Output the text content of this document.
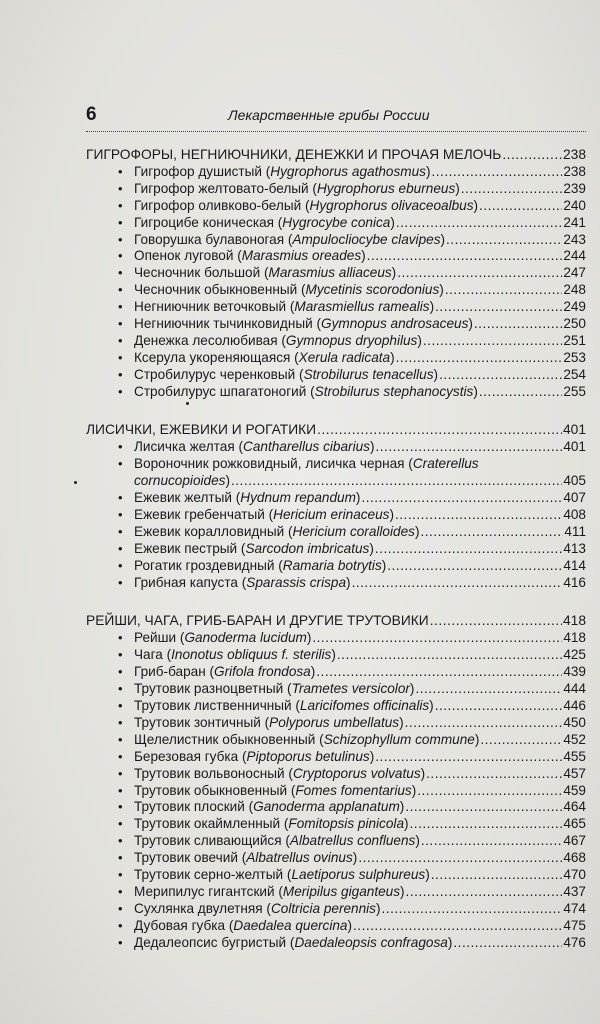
6	Лекарственные грибы России
ГИГРОФОРЫ, НЕГНИЮЧНИКИ, ДЕНЕЖКИ И ПРОЧАЯ МЕЛОЧЬ .....	238
• Гигрофор душистый (Hygrophorus agathosmus) .....	238
• Гигрофор желтовато-белый (Hygrophorus eburneus) .....	239
• Гигрофор оливково-белый (Hygrophorus olivaceoalbus) .....	240
• Гигроцибе коническая (Hygrocybe conica) .....	241
• Говорушка булавоногая (Ampulocliocybe clavipes) .....	243
• Опенок луговой (Marasmius oreades) .....	244
• Чесночник большой (Marasmius alliaceus) .....	247
• Чесночник обыкновенный (Mycetinis scorodonius) .....	248
• Негниючник веточковый (Marasmiellus ramealis) .....	249
• Негниючник тычинковидный (Gymnopus androsaceus) .....	250
• Денежка лесолюбивая (Gymnopus dryophilus) .....	251
• Ксерула укореняющаяся (Xerula radicata) .....	253
• Стробилурус черенковый (Strobilurus tenacellus) .....	254
• Стробилурус шпагатоногий (Strobilurus stephanocystis) .....	255
ЛИСИЧКИ, ЕЖЕВИКИ И РОГАТИКИ .....	401
• Лисичка желтая (Cantharellus cibarius) .....	401
• Вороночник рожковидный, лисичка черная (Craterellus
cornucopioides) .....	405
• Ежевик желтый (Hydnum repandum) .....	407
• Ежевик гребенчатый (Hericium erinaceus) .....	408
• Ежевик коралловидный (Hericium coralloides) .....	411
• Ежевик пестрый (Sarcodon imbricatus) .....	413
• Рогатик гроздевидный (Ramaria botrytis) .....	414
• Грибная капуста (Sparassis crispa) .....	416
РЕЙШИ, ЧАГА, ГРИБ-БАРАН И ДРУГИЕ ТРУТОВИКИ .....	418
• Рейши (Ganoderma lucidum) .....	418
• Чага (Inonotus obliquus f. sterilis) .....	425
• Гриб-баран (Grifola frondosa) .....	439
• Трутовик разноцветный (Trametes versicolor) .....	444
• Трутовик лиственничный (Laricifomes officinalis) .....	446
• Трутовик зонтичный (Polyporus umbellatus) .....	450
• Щелелистник обыкновенный (Schizophyllum commune) .....	452
• Березовая губка (Piptoporus betulinus) .....	455
• Трутовик вольвоносный (Cryptoporus volvatus) .....	457
• Трутовик обыкновенный (Fomes fomentarius) .....	459
• Трутовик плоский (Ganoderma applanatum) .....	464
• Трутовик окаймленный (Fomitopsis pinicola) .....	465
• Трутовик сливающийся (Albatrellus confluens) .....	467
• Трутовик овечий (Albatrellus ovinus) .....	468
• Трутовик серно-желтый (Laetiporus sulphureus) .....	470
• Мерипилус гигантский (Meripilus giganteus) .....	437
• Сухлянка двулетняя (Coltricia perennis) .....	474
• Дубовая губка (Daedalea quercina) .....	475
• Дедалеопсис бугристый (Daedaleopsis confragosa) .....	476
